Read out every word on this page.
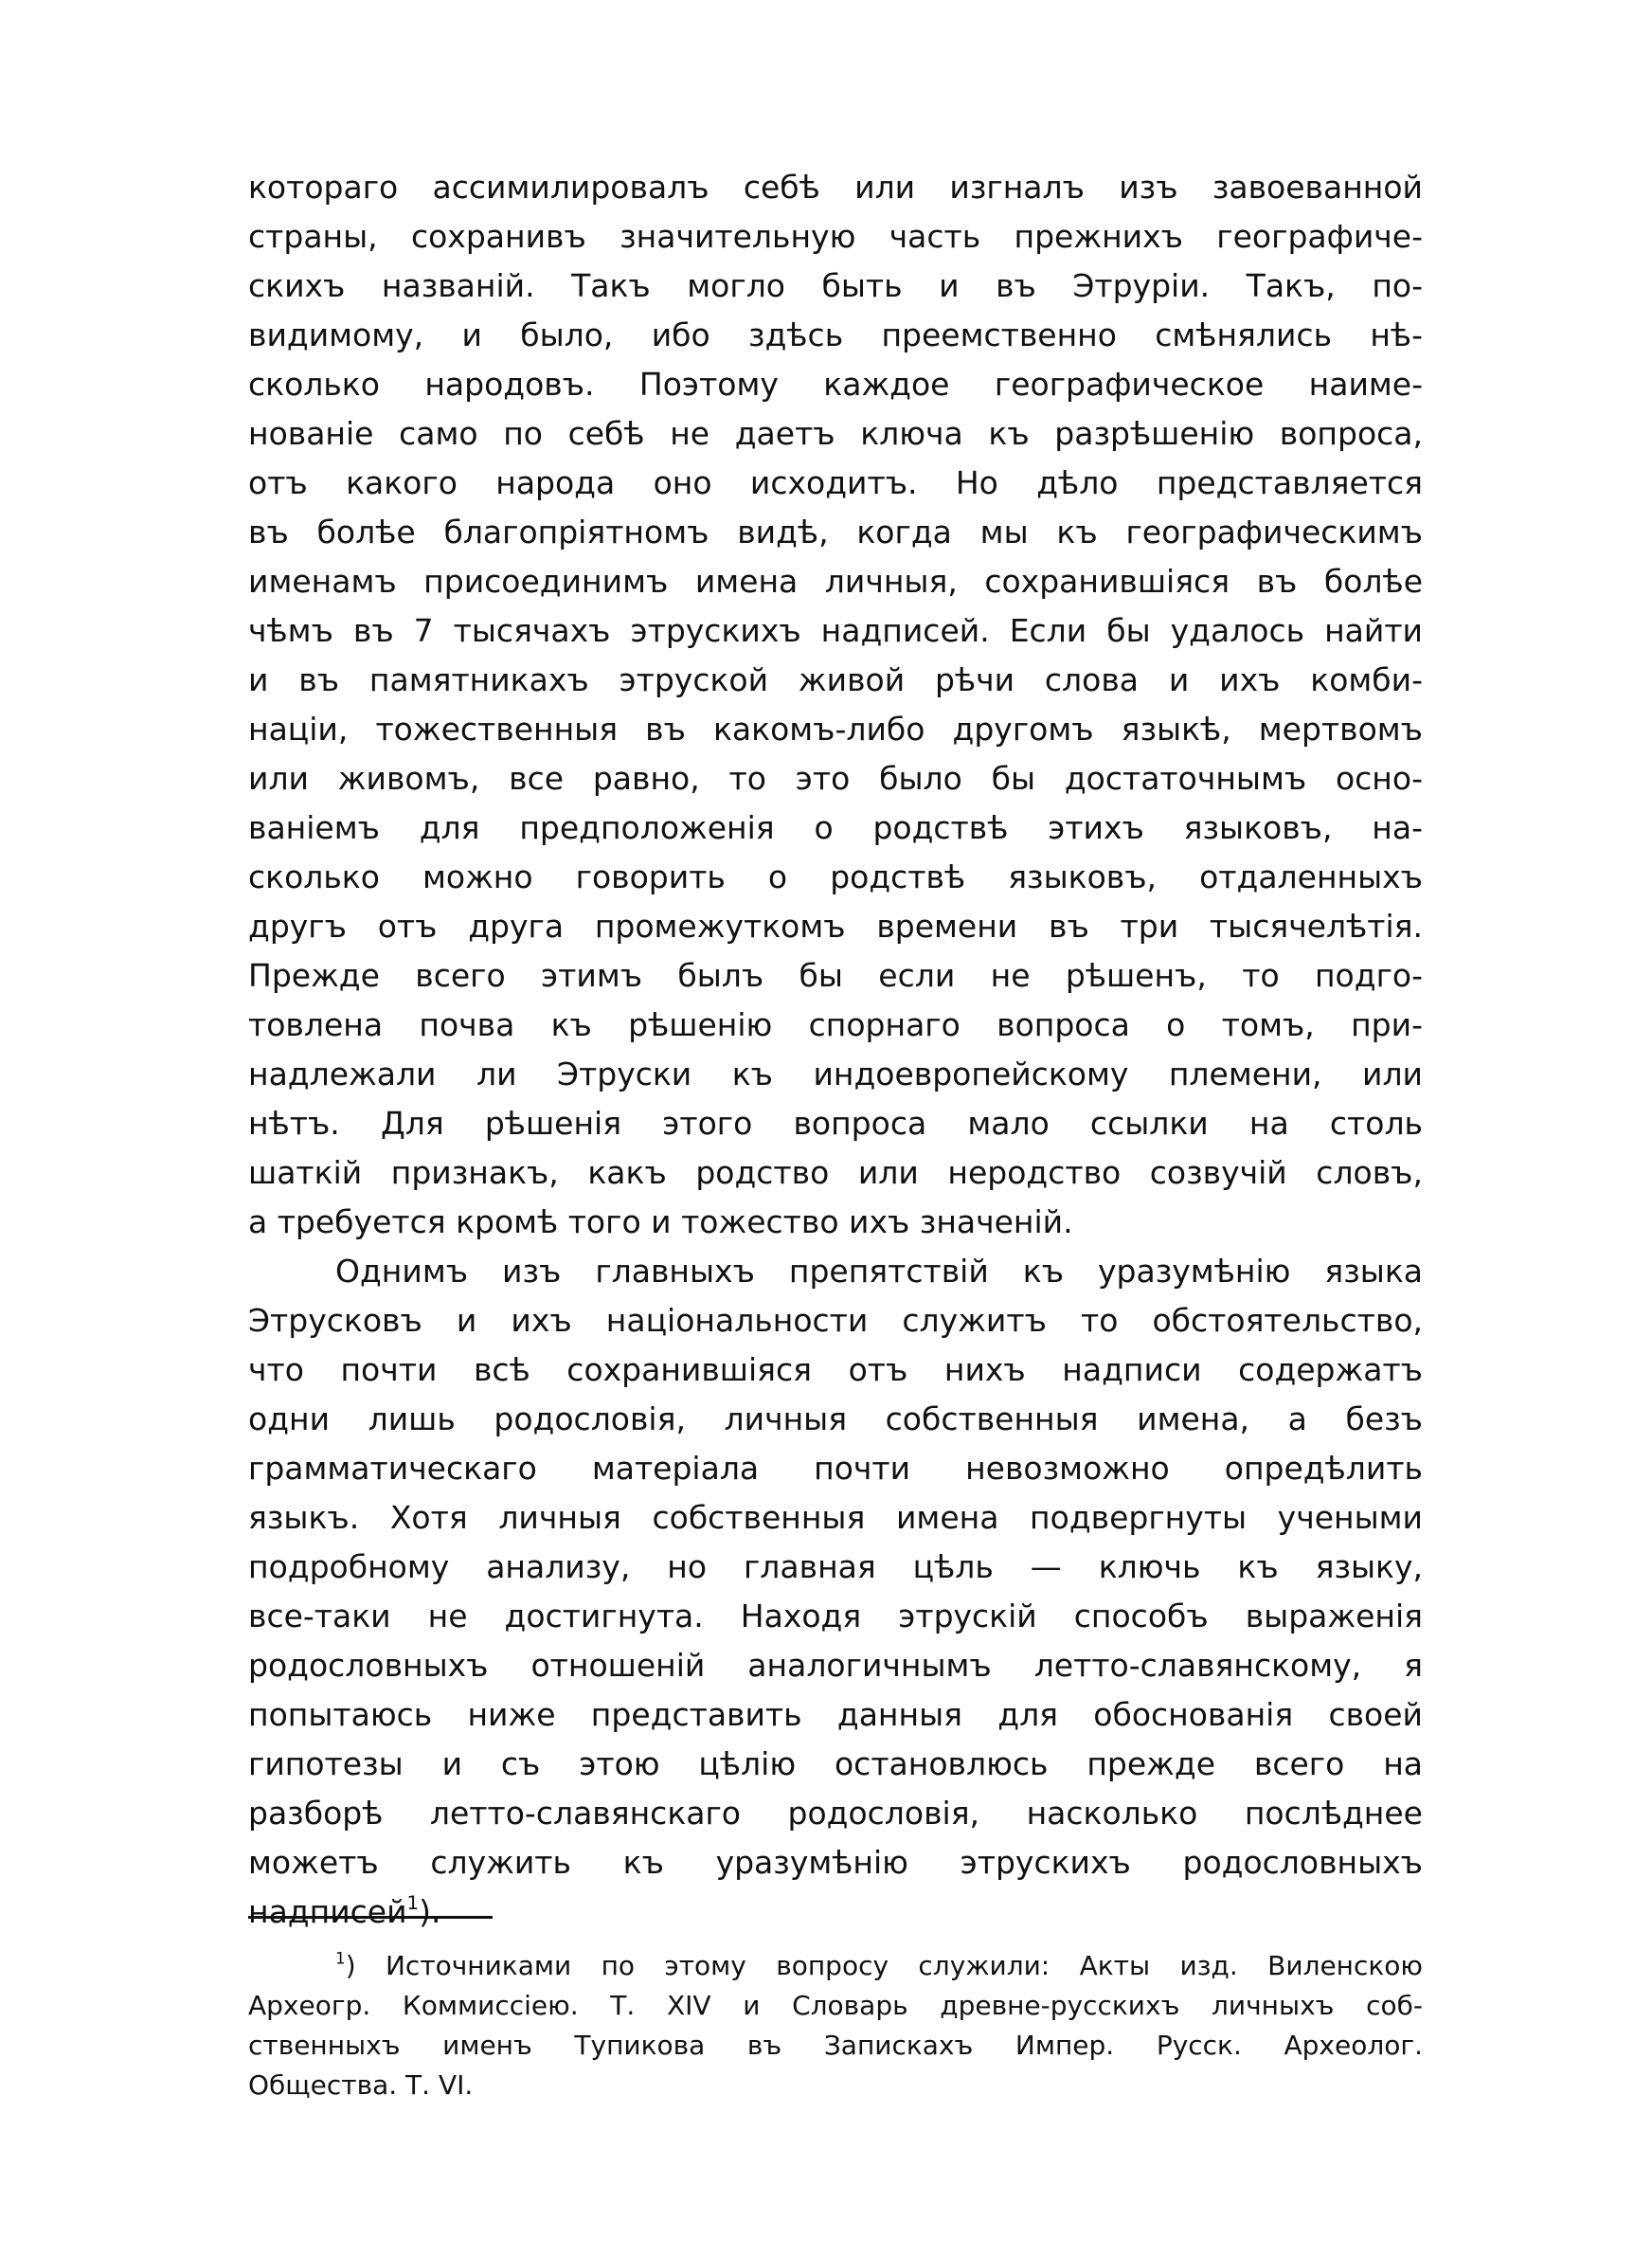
котораго ассимилировалъ себѣ или изгналъ изъ завоеванной
страны, сохранивъ значительную часть прежнихъ географиче-
скихъ названій. Такъ могло быть и въ Этруріи. Такъ, по-
видимому, и было, ибо здѣсь преемственно смѣнялись нѣ-
сколько народовъ. Поэтому каждое географическое наиме-
нованіе само по себѣ не даетъ ключа къ разрѣшенію вопроса,
отъ какого народа оно исходитъ. Но дѣло представляется
въ болѣе благопріятномъ видѣ, когда мы къ географическимъ
именамъ присоединимъ имена личныя, сохранившіяся въ болѣе
чѣмъ въ 7 тысячахъ этрускихъ надписей. Если бы удалось найти
и въ памятникахъ этруской живой рѣчи слова и ихъ комби-
націи, тожественныя въ какомъ-либо другомъ языкѣ, мертвомъ
или живомъ, все равно, то это было бы достаточнымъ осно-
ваніемъ для предположенія о родствѣ этихъ языковъ, на-
сколько можно говорить о родствѣ языковъ, отдаленныхъ
другъ отъ друга промежуткомъ времени въ три тысячелѣтія.
Прежде всего этимъ былъ бы если не рѣшенъ, то подго-
товлена почва къ рѣшенію спорнаго вопроса о томъ, при-
надлежали ли Этруски къ индоевропейскому племени, или
нѣтъ. Для рѣшенія этого вопроса мало ссылки на столь
шаткій признакъ, какъ родство или неродство созвучій словъ,
а требуется кромѣ того и тожество ихъ значеній.
Однимъ изъ главныхъ препятствій къ уразумѣнію языка
Этрусковъ и ихъ національности служитъ то обстоятельство,
что почти всѣ сохранившіяся отъ нихъ надписи содержатъ
одни лишь родословія, личныя собственныя имена, а безъ
грамматическаго матеріала почти невозможно опредѣлить
языкъ. Хотя личныя собственныя имена подвергнуты учеными
подробному анализу, но главная цѣль — ключь къ языку,
все-таки не достигнута. Находя этрускій способъ выраженія
родословныхъ отношеній аналогичнымъ летто-славянскому, я
попытаюсь ниже представить данныя для обоснованія своей
гипотезы и съ этою цѣлію остановлюсь прежде всего на
разборѣ летто-славянскаго родословія, насколько послѣднее
можетъ служить къ уразумѣнію этрускихъ родословныхъ
надписей$^1$).
$^1$) Источниками по этому вопросу служили: Акты изд. Виленскою
Археогр. Коммиссіею. Т. XIV и Словарь древне-русскихъ личныхъ соб-
ственныхъ именъ Тупикова въ Запискахъ Импер. Русск. Археолог.
Общества. Т. VI.
